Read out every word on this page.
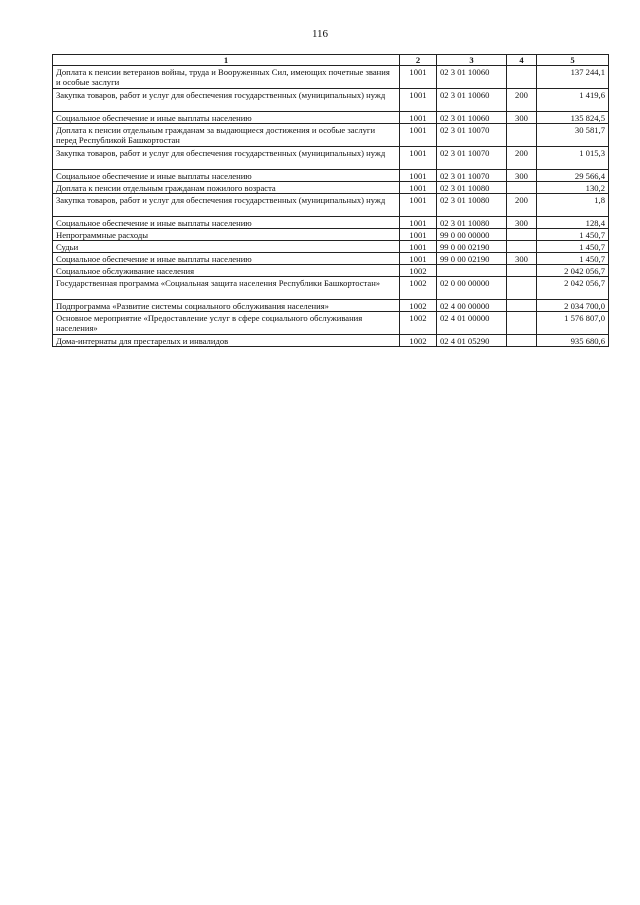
116
1	2	3	4	5
Доплата к пенсии ветеранов войны, труда и Вооруженных Сил, имеющих почетные звания и особые заслуги	1001	02 3 01 10060		137 244,1
Закупка товаров, работ и услуг для обеспечения государственных (муниципальных) нужд	1001	02 3 01 10060	200	1 419,6
Социальное обеспечение и иные выплаты населению	1001	02 3 01 10060	300	135 824,5
Доплата к пенсии отдельным гражданам за выдающиеся достижения и особые заслуги перед Республикой Башкортостан	1001	02 3 01 10070		30 581,7
Закупка товаров, работ и услуг для обеспечения государственных (муниципальных) нужд	1001	02 3 01 10070	200	1 015,3
Социальное обеспечение и иные выплаты населению	1001	02 3 01 10070	300	29 566,4
Доплата к пенсии отдельным гражданам пожилого возраста	1001	02 3 01 10080		130,2
Закупка товаров, работ и услуг для обеспечения государственных (муниципальных) нужд	1001	02 3 01 10080	200	1,8
Социальное обеспечение и иные выплаты населению	1001	02 3 01 10080	300	128,4
Непрограммные расходы	1001	99 0 00 00000		1 450,7
Судьи	1001	99 0 00 02190		1 450,7
Социальное обеспечение и иные выплаты населению	1001	99 0 00 02190	300	1 450,7
Социальное обслуживание населения	1002			2 042 056,7
Государственная программа «Социальная защита населения Республики Башкортостан»	1002	02 0 00 00000		2 042 056,7
Подпрограмма «Развитие системы социального обслуживания населения»	1002	02 4 00 00000		2 034 700,0
Основное мероприятие «Предоставление услуг в сфере социального обслуживания населения»	1002	02 4 01 00000		1 576 807,0
Дома-интернаты для престарелых и инвалидов	1002	02 4 01 05290		935 680,6
